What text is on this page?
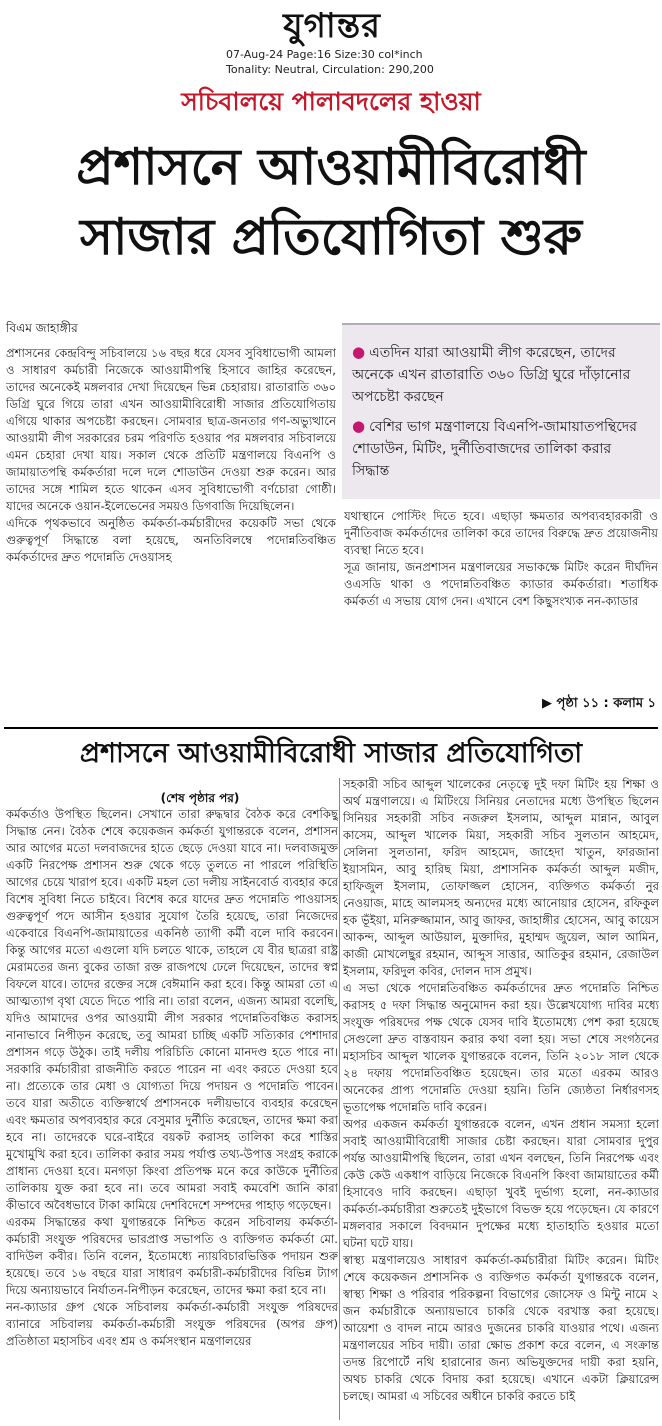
যুগান্তর
07-Aug-24 Page:16 Size:30 col*inch
Tonality: Neutral, Circulation: 290,200
সচিবালয়ে পালাবদলের হাওয়া
প্রশাসনে আওয়ামীবিরোধী
সাজার প্রতিযোগিতা শুরু
বিএম জাহাঙ্গীর

প্রশাসনের কেন্দ্রবিন্দু সচিবালয়ে ১৬ বছর ধরে যেসব সুবিধাভোগী আমলা ও সাধারণ কর্মচারী নিজেকে আওয়ামীপন্থি হিসাবে জাহির করেছেন, তাদের অনেকেই মঙ্গলবার দেখা দিয়েছেন ভিন্ন চেহারায়। রাতারাতি ৩৬০ ডিগ্রি ঘুরে গিয়ে তারা এখন আওয়ামীবিরোধী সাজার প্রতিযোগিতায় এগিয়ে থাকার অপচেষ্টা করছেন। সোমবার ছাত্র-জনতার গণ-অভ্যুত্থানে আওয়ামী লীগ সরকারের চরম পরিণতি হওয়ার পর মঙ্গলবার সচিবালয়ে এমন চেহারা দেখা যায়। সকাল থেকে প্রতিটি মন্ত্রণালয়ে বিএনপি ও জামায়াতপন্থি কর্মকর্তারা দলে দলে শোডাউন দেওয়া শুরু করেন। আর তাদের সঙ্গে শামিল হতে থাকেন এসব সুবিধাভোগী বর্ণচোরা গোষ্ঠী। যাদের অনেকে ওয়ান-ইলেভেনের সময়ও ডিগবাজি দিয়েছিলেন।

এদিকে পৃথকভাবে অনুষ্ঠিত কর্মকর্তা-কর্মচারীদের কয়েকটি সভা থেকে গুরুত্বপূর্ণ সিদ্ধান্তে বলা হয়েছে, অনতিবিলম্বে পদোন্নতিবঞ্চিত কর্মকর্তাদের দ্রুত পদোন্নতি দেওয়াসহ

● এতদিন যারা আওয়ামী লীগ করেছেন, তাদের অনেকে এখন রাতারাতি ৩৬০ ডিগ্রি ঘুরে দাঁড়ানোর অপচেষ্টা করছেন
● বেশির ভাগ মন্ত্রণালয়ে বিএনপি-জামায়াতপন্থিদের শোডাউন, মিটিং, দুর্নীতিবাজদের তালিকা করার সিদ্ধান্ত

যথাস্থানে পোস্টিং দিতে হবে। এছাড়া ক্ষমতার অপব্যবহারকারী ও দুর্নীতিবাজ কর্মকর্তাদের তালিকা করে তাদের বিরুদ্ধে দ্রুত প্রয়োজনীয় ব্যবস্থা নিতে হবে।

সূত্র জানায়, জনপ্রশাসন মন্ত্রণালয়ের সভাকক্ষে মিটিং করেন দীর্ঘদিন ওএসডি থাকা ও পদোন্নতিবঞ্চিত ক্যাডার কর্মকর্তারা। শতাধিক কর্মকর্তা এ সভায় যোগ দেন। এখানে বেশ কিছুসংখ্যক নন-ক্যাডার

▶ পৃষ্ঠা ১১ : কলাম ১
প্রশাসনে আওয়ামীবিরোধী সাজার প্রতিযোগিতা
(শেষ পৃষ্ঠার পর)

কর্মকর্তাও উপস্থিত ছিলেন। সেখানে তারা রুদ্ধদ্বার বৈঠক করে বেশকিছু সিদ্ধান্ত নেন। বৈঠক শেষে কয়েকজন কর্মকর্তা যুগান্তরকে বলেন, প্রশাসন আর আগের মতো দলবাজদের হাতে ছেড়ে দেওয়া যাবে না। দলবাজমুক্ত একটি নিরপেক্ষ প্রশাসন শুরু থেকে গড়ে তুলতে না পারলে পরিস্থিতি আগের চেয়ে খারাপ হবে। একটি মহল তো দলীয় সাইনবোর্ড ব্যবহার করে বিশেষ সুবিধা নিতে চাইবে। বিশেষ করে যাদের দ্রুত পদোন্নতি পাওয়াসহ গুরুত্বপূর্ণ পদে আসীন হওয়ার সুযোগ তৈরি হয়েছে, তারা নিজেদের একেবারে বিএনপি-জামায়াতের একনিষ্ঠ ত্যাগী কর্মী বলে দাবি করবেন। কিন্তু আগের মতো এগুলো যদি চলতে থাকে, তাহলে যে বীর ছাত্ররা রাষ্ট্র মেরামতের জন্য বুকের তাজা রক্ত রাজপথে ঢেলে দিয়েছেন, তাদের স্বপ্ন বিফলে যাবে। তাদের রক্তের সঙ্গে বেঈমানি করা হবে। কিন্তু আমরা তো এ আত্মত্যাগ বৃথা যেতে দিতে পারি না। তারা বলেন, এজন্য আমরা বলেছি, যদিও আমাদের ওপর আওয়ামী লীগ সরকার পদোন্নতিবঞ্চিত করাসহ নানাভাবে নিপীড়ন করেছে, তবু আমরা চাচ্ছি একটি সত্যিকার পেশাদার প্রশাসন গড়ে উঠুক। তাই দলীয় পরিচিতি কোনো মানদণ্ড হতে পারে না। সরকারি কর্মচারীরা রাজনীতি করতে পারেন না এবং করতে দেওয়া হবে না। প্রত্যেকে তার মেধা ও যোগ্যতা দিয়ে পদায়ন ও পদোন্নতি পাবেন। তবে যারা অতীতে ব্যক্তিস্বার্থে প্রশাসনকে দলীয়ভাবে ব্যবহার করেছেন এবং ক্ষমতার অপব্যবহার করে বেসুমার দুর্নীতি করেছেন, তাদের ক্ষমা করা হবে না। তাদেরকে ঘরে-বাইরে বয়কট করাসহ তালিকা করে শাস্তির মুখোমুখি করা হবে। তালিকা করার সময় পর্যাপ্ত তথ্য-উপাত্ত সংগ্রহ করাকে প্রাধান্য দেওয়া হবে। মনগড়া কিংবা প্রতিপক্ষ মনে করে কাউকে দুর্নীতির তালিকায় যুক্ত করা হবে না। তবে আমরা সবাই কমবেশি জানি কারা কীভাবে অবৈধভাবে টাকা কামিয়ে দেশবিদেশে সম্পদের পাহাড় গড়েছেন।

এরকম সিদ্ধান্তের কথা যুগান্তরকে নিশ্চিত করেন সচিবালয় কর্মকর্তা-কর্মচারী সংযুক্ত পরিষদের ভারপ্রাপ্ত সভাপতি ও ব্যক্তিগত কর্মকর্তা মো. বাদিউল কবীর। তিনি বলেন, ইতোমধ্যে ন্যায়বিচারভিত্তিক পদায়ন শুরু হয়েছে। তবে ১৬ বছরে যারা সাধারণ কর্মচারী-কর্মচারীদের বিভিন্ন ট্যাগ দিয়ে অন্যায়ভাবে নির্যাতন-নিপীড়ন করেছেন, তাদের ক্ষমা করা হবে না।

নন-ক্যাডার গ্রুপ থেকে সচিবালয় কর্মকর্তা-কর্মচারী সংযুক্ত পরিষদের ব্যানারে সচিবালয় কর্মকর্তা-কর্মচারী সংযুক্ত পরিষদের (অপর গ্রুপ) প্রতিষ্ঠাতা মহাসচিব এবং শ্রম ও কর্মসংস্থান মন্ত্রণালয়ের

সহকারী সচিব আব্দুল খালেকের নেতৃত্বে দুই দফা মিটিং হয় শিক্ষা ও অর্থ মন্ত্রণালয়ে। এ মিটিংয়ে সিনিয়র নেতাদের মধ্যে উপস্থিত ছিলেন সিনিয়র সহকারী সচিব নজরুল ইসলাম, আব্দুল মান্নান, আবুল কাসেম, আব্দুল খালেক মিয়া, সহকারী সচিব সুলতান আহমেদ, সেলিনা সুলতানা, ফরিদ আহমেদ, জাহেদা খাতুন, ফারজানা ইয়াসমিন, আবু হারিছ মিয়া, প্রশাসনিক কর্মকর্তা আব্দুল মজীদ, হাফিজুল ইসলাম, তোফাজ্জল হোসেন, ব্যক্তিগত কর্মকর্তা নুর নেওয়াজ, মাহে আলমসহ অন্যদের মধ্যে আনোয়ার হোসেন, রফিকুল হক ভূঁইয়া, মনিরুজ্জামান, আবু জাফর, জাহাঙ্গীর হোসেন, আবু কায়েস আকন্দ, আব্দুল আউয়াল, মুক্তাদির, মুহাম্মদ জুয়েল, আল আমিন, কাজী মোখলেছুর রহমান, আব্দুস সাত্তার, আতিকুর রহমান, রেজাউল ইসলাম, ফরিদুল কবির, দোলন দাস প্রমুখ।

এ সভা থেকে পদোন্নতিবঞ্চিত কর্মকর্তাদের দ্রুত পদোন্নতি নিশ্চিত করাসহ ৫ দফা সিদ্ধান্ত অনুমোদন করা হয়। উল্লেখযোগ্য দাবির মধ্যে সংযুক্ত পরিষদের পক্ষ থেকে যেসব দাবি ইতোমধ্যে পেশ করা হয়েছে সেগুলো দ্রুত বাস্তবায়ন করার কথা বলা হয়। সভা শেষে সংগঠনের মহাসচিব আব্দুল খালেক যুগান্তরকে বলেন, তিনি ২০১৮ সাল থেকে ২৪ দফায় পদোন্নতিবঞ্চিত হয়েছেন। তার মতো এরকম আরও অনেকের প্রাপ্য পদোন্নতি দেওয়া হয়নি। তিনি জ্যেষ্ঠতা নির্ধারণসহ ভূতাপেক্ষ পদোন্নতি দাবি করেন।

অপর একজন কর্মকর্তা যুগান্তরকে বলেন, এখন প্রধান সমস্যা হলো সবাই আওয়ামীবিরোধী সাজার চেষ্টা করছেন। যারা সোমবার দুপুর পর্যন্ত আওয়ামীপন্থি ছিলেন, তারা এখন বলছেন, তিনি নিরপেক্ষ এবং কেউ কেউ একধাপ বাড়িয়ে নিজেকে বিএনপি কিংবা জামায়াতের কর্মী হিসাবেও দাবি করছেন। এছাড়া খুবই দুর্ভাগ্য হলো, নন-ক্যাডার কর্মকর্তা-কর্মচারীরা শুরুতেই দুইভাগে বিভক্ত হয়ে পড়েছেন। যে কারণে মঙ্গলবার সকালে বিবদমান দুপক্ষের মধ্যে হাতাহাতি হওয়ার মতো ঘটনা ঘটে যায়।

স্বাস্থ্য মন্ত্রণালয়েও সাধারণ কর্মকর্তা-কর্মচারীরা মিটিং করেন। মিটিং শেষে কয়েকজন প্রশাসনিক ও ব্যক্তিগত কর্মকর্তা যুগান্তরকে বলেন, স্বাস্থ্য শিক্ষা ও পরিবার পরিকল্পনা বিভাগের জোসেফ ও মিন্টু নামে ২ জন কর্মচারীকে অন্যায়ভাবে চাকরি থেকে বরখাস্ত করা হয়েছে। আয়েশা ও বাদল নামে আরও দুজনের চাকরি যাওয়ার পথে। এজন্য মন্ত্রণালয়ের সচিব দায়ী। তারা ক্ষোভ প্রকাশ করে বলেন, এ সংক্রান্ত তদন্ত রিপোর্টে নথি হারানোর জন্য অভিযুক্তদের দায়ী করা হয়নি, অথচ চাকরি থেকে বিদায় করা হয়েছে। এখানে একটা ক্লিয়ারেন্স চলছে। আমরা এ সচিবের অধীনে চাকরি করতে চাই
